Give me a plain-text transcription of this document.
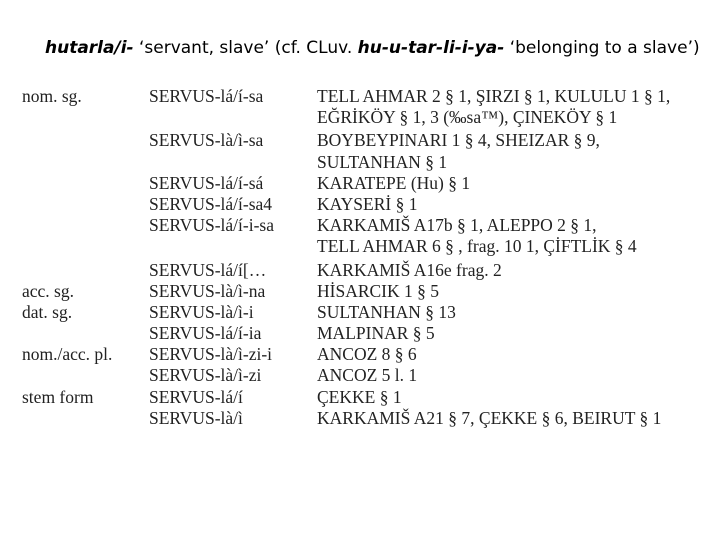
hutarla/i- ‘servant, slave’ (cf. CLuv. hu-u-tar-li-i-ya- ‘belonging to a slave’)
nom. sg.	SERVUS-lá/í-sa	TELL AHMAR 2 § 1, ŞIRZI § 1, KULULU 1 § 1,
EĞRİKÖY § 1, 3 (‰sa™), ÇINEKÖY § 1
SERVUS-là/ì-sa	BOYBEYPINARI 1 § 4, SHEIZAR § 9,
SULTANHAN § 1
SERVUS-lá/í-sá	KARATEPE (Hu) § 1
SERVUS-lá/í-sa4	KAYSERİ § 1
SERVUS-lá/í-i-sa KARKAMIŠ A17b § 1, ALEPPO 2 § 1,
TELL AHMAR 6 § , frag. 10 1, ÇİFTLİK § 4
SERVUS-lá/í[…	KARKAMIŠ A16e frag. 2
acc. sg.	SERVUS-là/ì-na	HİSARCIK 1 § 5
dat. sg.	SERVUS-là/ì-i	SULTANHAN § 13
SERVUS-lá/í-ia	MALPINAR § 5
nom./acc. pl. SERVUS-là/ì-zi-i	ANCOZ 8 § 6
SERVUS-là/ì-zi	ANCOZ 5 l. 1
stem form	SERVUS-lá/í	ÇEKKE § 1
SERVUS-là/ì	KARKAMIŠ A21 § 7, ÇEKKE § 6, BEIRUT § 1
